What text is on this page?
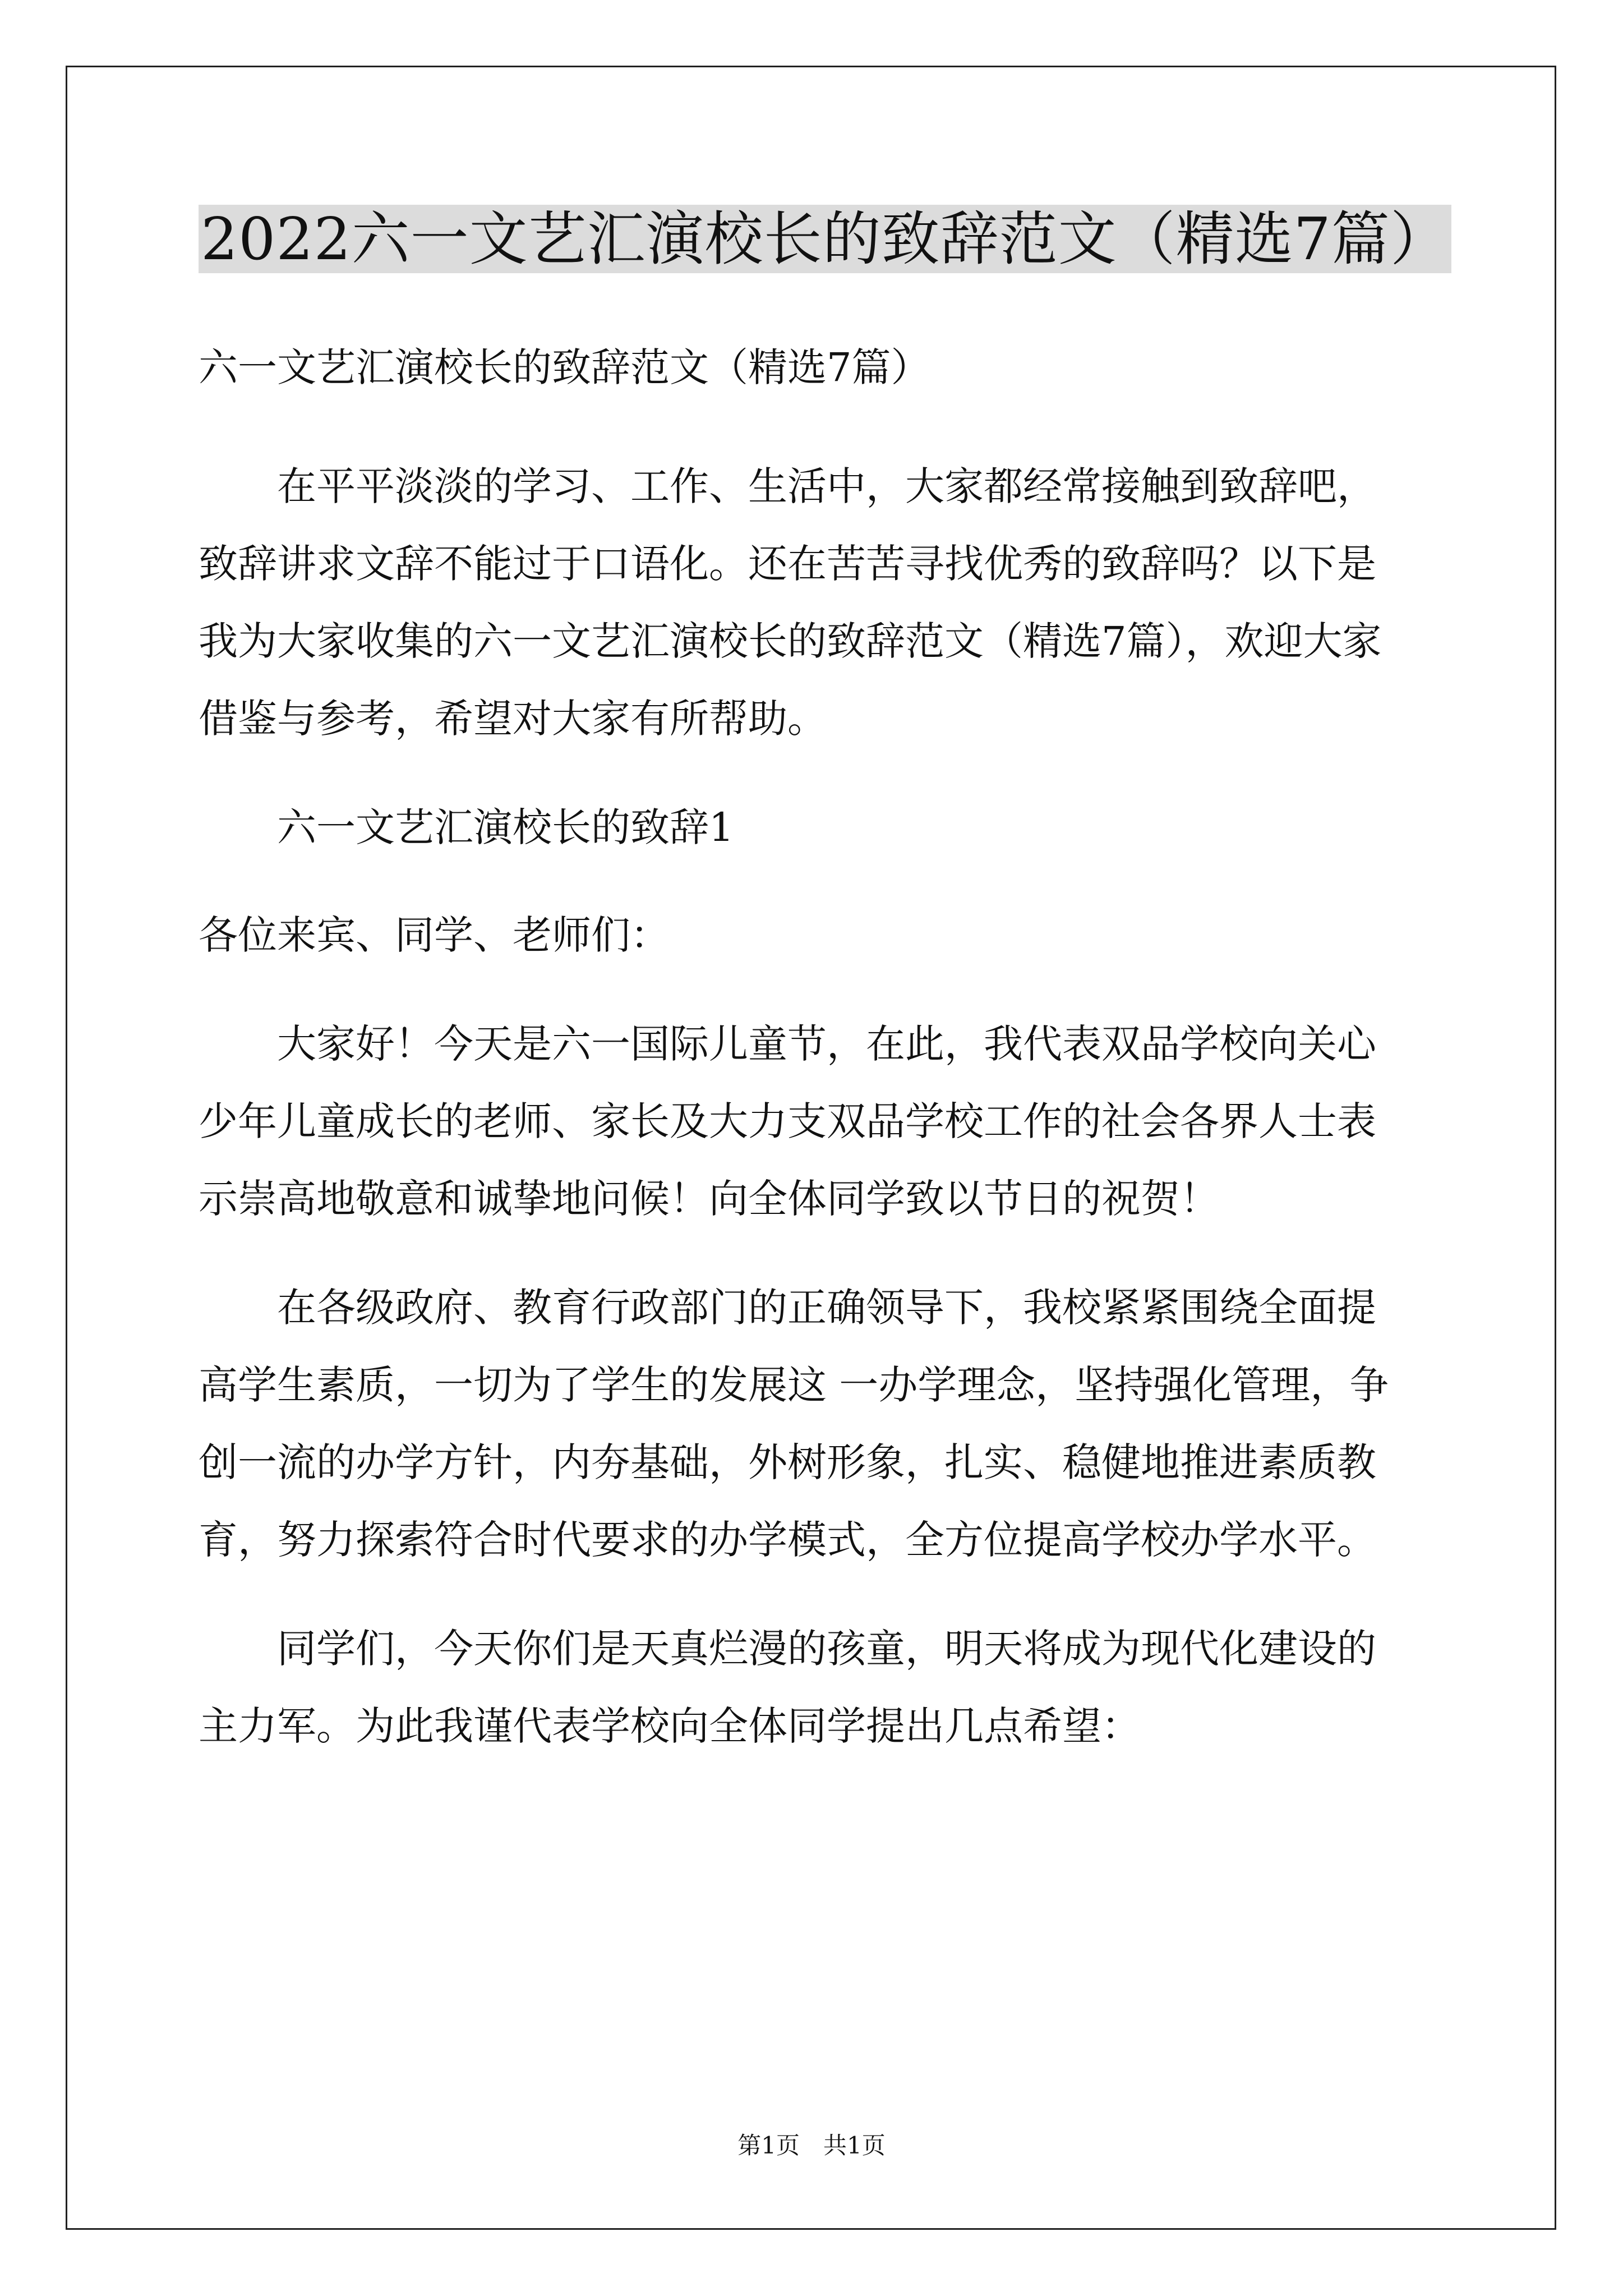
2022六一文艺汇演校长的致辞范文（精选7篇）

六一文艺汇演校长的致辞范文（精选7篇）

　　在平平淡淡的学习、工作、生活中，大家都经常接触到致辞吧，

致辞讲求文辞不能过于口语化。还在苦苦寻找优秀的致辞吗？以下是

我为大家收集的六一文艺汇演校长的致辞范文（精选7篇），欢迎大家

借鉴与参考，希望对大家有所帮助。

　　六一文艺汇演校长的致辞1

各位来宾、同学、老师们：

　　大家好！今天是六一国际儿童节，在此，我代表双品学校向关心

少年儿童成长的老师、家长及大力支双品学校工作的社会各界人士表

示崇高地敬意和诚挚地问候！向全体同学致以节日的祝贺！

　　在各级政府、教育行政部门的正确领导下，我校紧紧围绕全面提

高学生素质，一切为了学生的发展这 一办学理念，坚持强化管理，争

创一流的办学方针，内夯基础，外树形象，扎实、稳健地推进素质教

育，努力探索符合时代要求的办学模式，全方位提高学校办学水平。

　　同学们，今天你们是天真烂漫的孩童，明天将成为现代化建设的

主力军。为此我谨代表学校向全体同学提出几点希望：

第1页　共1页
